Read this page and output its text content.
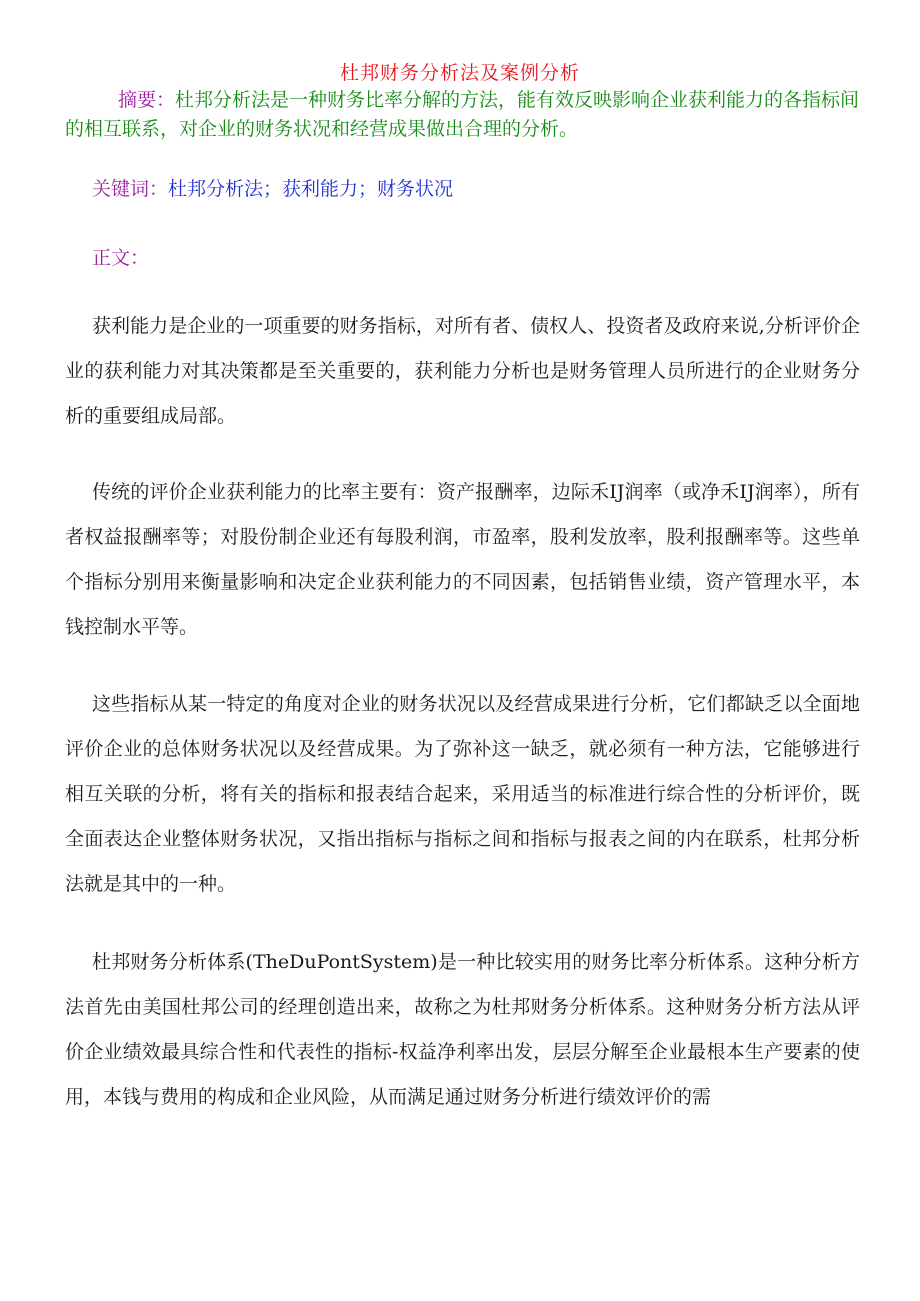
杜邦财务分析法及案例分析

摘要：杜邦分析法是一种财务比率分解的方法，能有效反映影响企业获利能力的各指标间的相互联系，对企业的财务状况和经营成果做出合理的分析。

关键词：杜邦分析法；获利能力；财务状况

正文：

获利能力是企业的一项重要的财务指标，对所有者、债权人、投资者及政府来说,分析评价企业的获利能力对其决策都是至关重要的，获利能力分析也是财务管理人员所进行的企业财务分析的重要组成局部。

传统的评价企业获利能力的比率主要有：资产报酬率，边际禾IJ润率（或净禾IJ润率），所有者权益报酬率等；对股份制企业还有每股利润，市盈率，股利发放率，股利报酬率等。这些单个指标分别用来衡量影响和决定企业获利能力的不同因素，包括销售业绩，资产管理水平，本钱控制水平等。

这些指标从某一特定的角度对企业的财务状况以及经营成果进行分析，它们都缺乏以全面地评价企业的总体财务状况以及经营成果。为了弥补这一缺乏，就必须有一种方法，它能够进行相互关联的分析，将有关的指标和报表结合起来，采用适当的标准进行综合性的分析评价，既全面表达企业整体财务状况，又指出指标与指标之间和指标与报表之间的内在联系，杜邦分析法就是其中的一种。

杜邦财务分析体系(TheDuPontSystem)是一种比较实用的财务比率分析体系。这种分析方法首先由美国杜邦公司的经理创造出来，故称之为杜邦财务分析体系。这种财务分析方法从评价企业绩效最具综合性和代表性的指标-权益净利率出发，层层分解至企业最根本生产要素的使用，本钱与费用的构成和企业风险，从而满足通过财务分析进行绩效评价的需
